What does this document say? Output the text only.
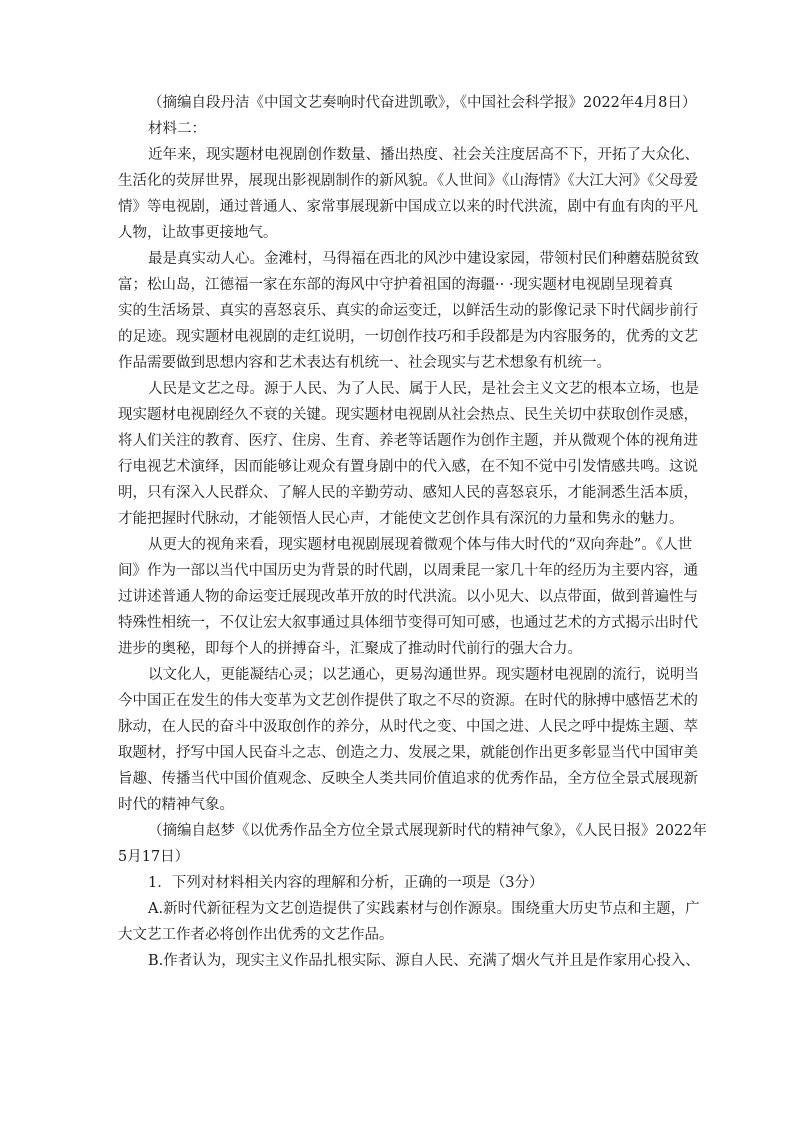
（摘编自段丹洁《中国文艺奏响时代奋进凯歌》，《中国社会科学报》2022年4月8日）

材料二：

近年来，现实题材电视剧创作数量、播出热度、社会关注度居高不下，开拓了大众化、

生活化的荧屏世界，展现出影视剧制作的新风貌。《人世间》《山海情》《大江大河》《父母爱

情》等电视剧，通过普通人、家常事展现新中国成立以来的时代洪流，剧中有血有肉的平凡

人物，让故事更接地气。

最是真实动人心。金滩村，马得福在西北的风沙中建设家园，带领村民们种蘑菇脱贫致

富；松山岛，江德福一家在东部的海风中守护着祖国的海疆·· ·现实题材电视剧呈现着真

实的生活场景、真实的喜怒哀乐、真实的命运变迁，以鲜活生动的影像记录下时代阔步前行

的足迹。现实题材电视剧的走红说明，一切创作技巧和手段都是为内容服务的，优秀的文艺

作品需要做到思想内容和艺术表达有机统一、社会现实与艺术想象有机统一。

人民是文艺之母。源于人民、为了人民、属于人民，是社会主义文艺的根本立场，也是

现实题材电视剧经久不衰的关键。现实题材电视剧从社会热点、民生关切中获取创作灵感，

将人们关注的教育、医疗、住房、生育、养老等话题作为创作主题，并从微观个体的视角进

行电视艺术演绎，因而能够让观众有置身剧中的代入感，在不知不觉中引发情感共鸣。这说

明，只有深入人民群众、了解人民的辛勤劳动、感知人民的喜怒哀乐，才能洞悉生活本质，

才能把握时代脉动，才能领悟人民心声，才能使文艺创作具有深沉的力量和隽永的魅力。

从更大的视角来看，现实题材电视剧展现着微观个体与伟大时代的“双向奔赴”。《人世

间》作为一部以当代中国历史为背景的时代剧，以周秉昆一家几十年的经历为主要内容，通

过讲述普通人物的命运变迁展现改革开放的时代洪流。以小见大、以点带面，做到普遍性与

特殊性相统一，不仅让宏大叙事通过具体细节变得可知可感，也通过艺术的方式揭示出时代

进步的奥秘，即每个人的拼搏奋斗，汇聚成了推动时代前行的强大合力。

以文化人，更能凝结心灵；以艺通心，更易沟通世界。现实题材电视剧的流行，说明当

今中国正在发生的伟大变革为文艺创作提供了取之不尽的资源。在时代的脉搏中感悟艺术的

脉动，在人民的奋斗中汲取创作的养分，从时代之变、中国之进、人民之呼中提炼主题、萃

取题材，抒写中国人民奋斗之志、创造之力、发展之果，就能创作出更多彰显当代中国审美

旨趣、传播当代中国价值观念、反映全人类共同价值追求的优秀作品，全方位全景式展现新

时代的精神气象。

（摘编自赵梦《以优秀作品全方位全景式展现新时代的精神气象》，《人民日报》2022年

5月17日）

1．下列对材料相关内容的理解和分析，正确的一项是（3分）

A.新时代新征程为文艺创造提供了实践素材与创作源泉。围绕重大历史节点和主题，广

大文艺工作者必将创作出优秀的文艺作品。

B.作者认为，现实主义作品扎根实际、源自人民、充满了烟火气并且是作家用心投入、
